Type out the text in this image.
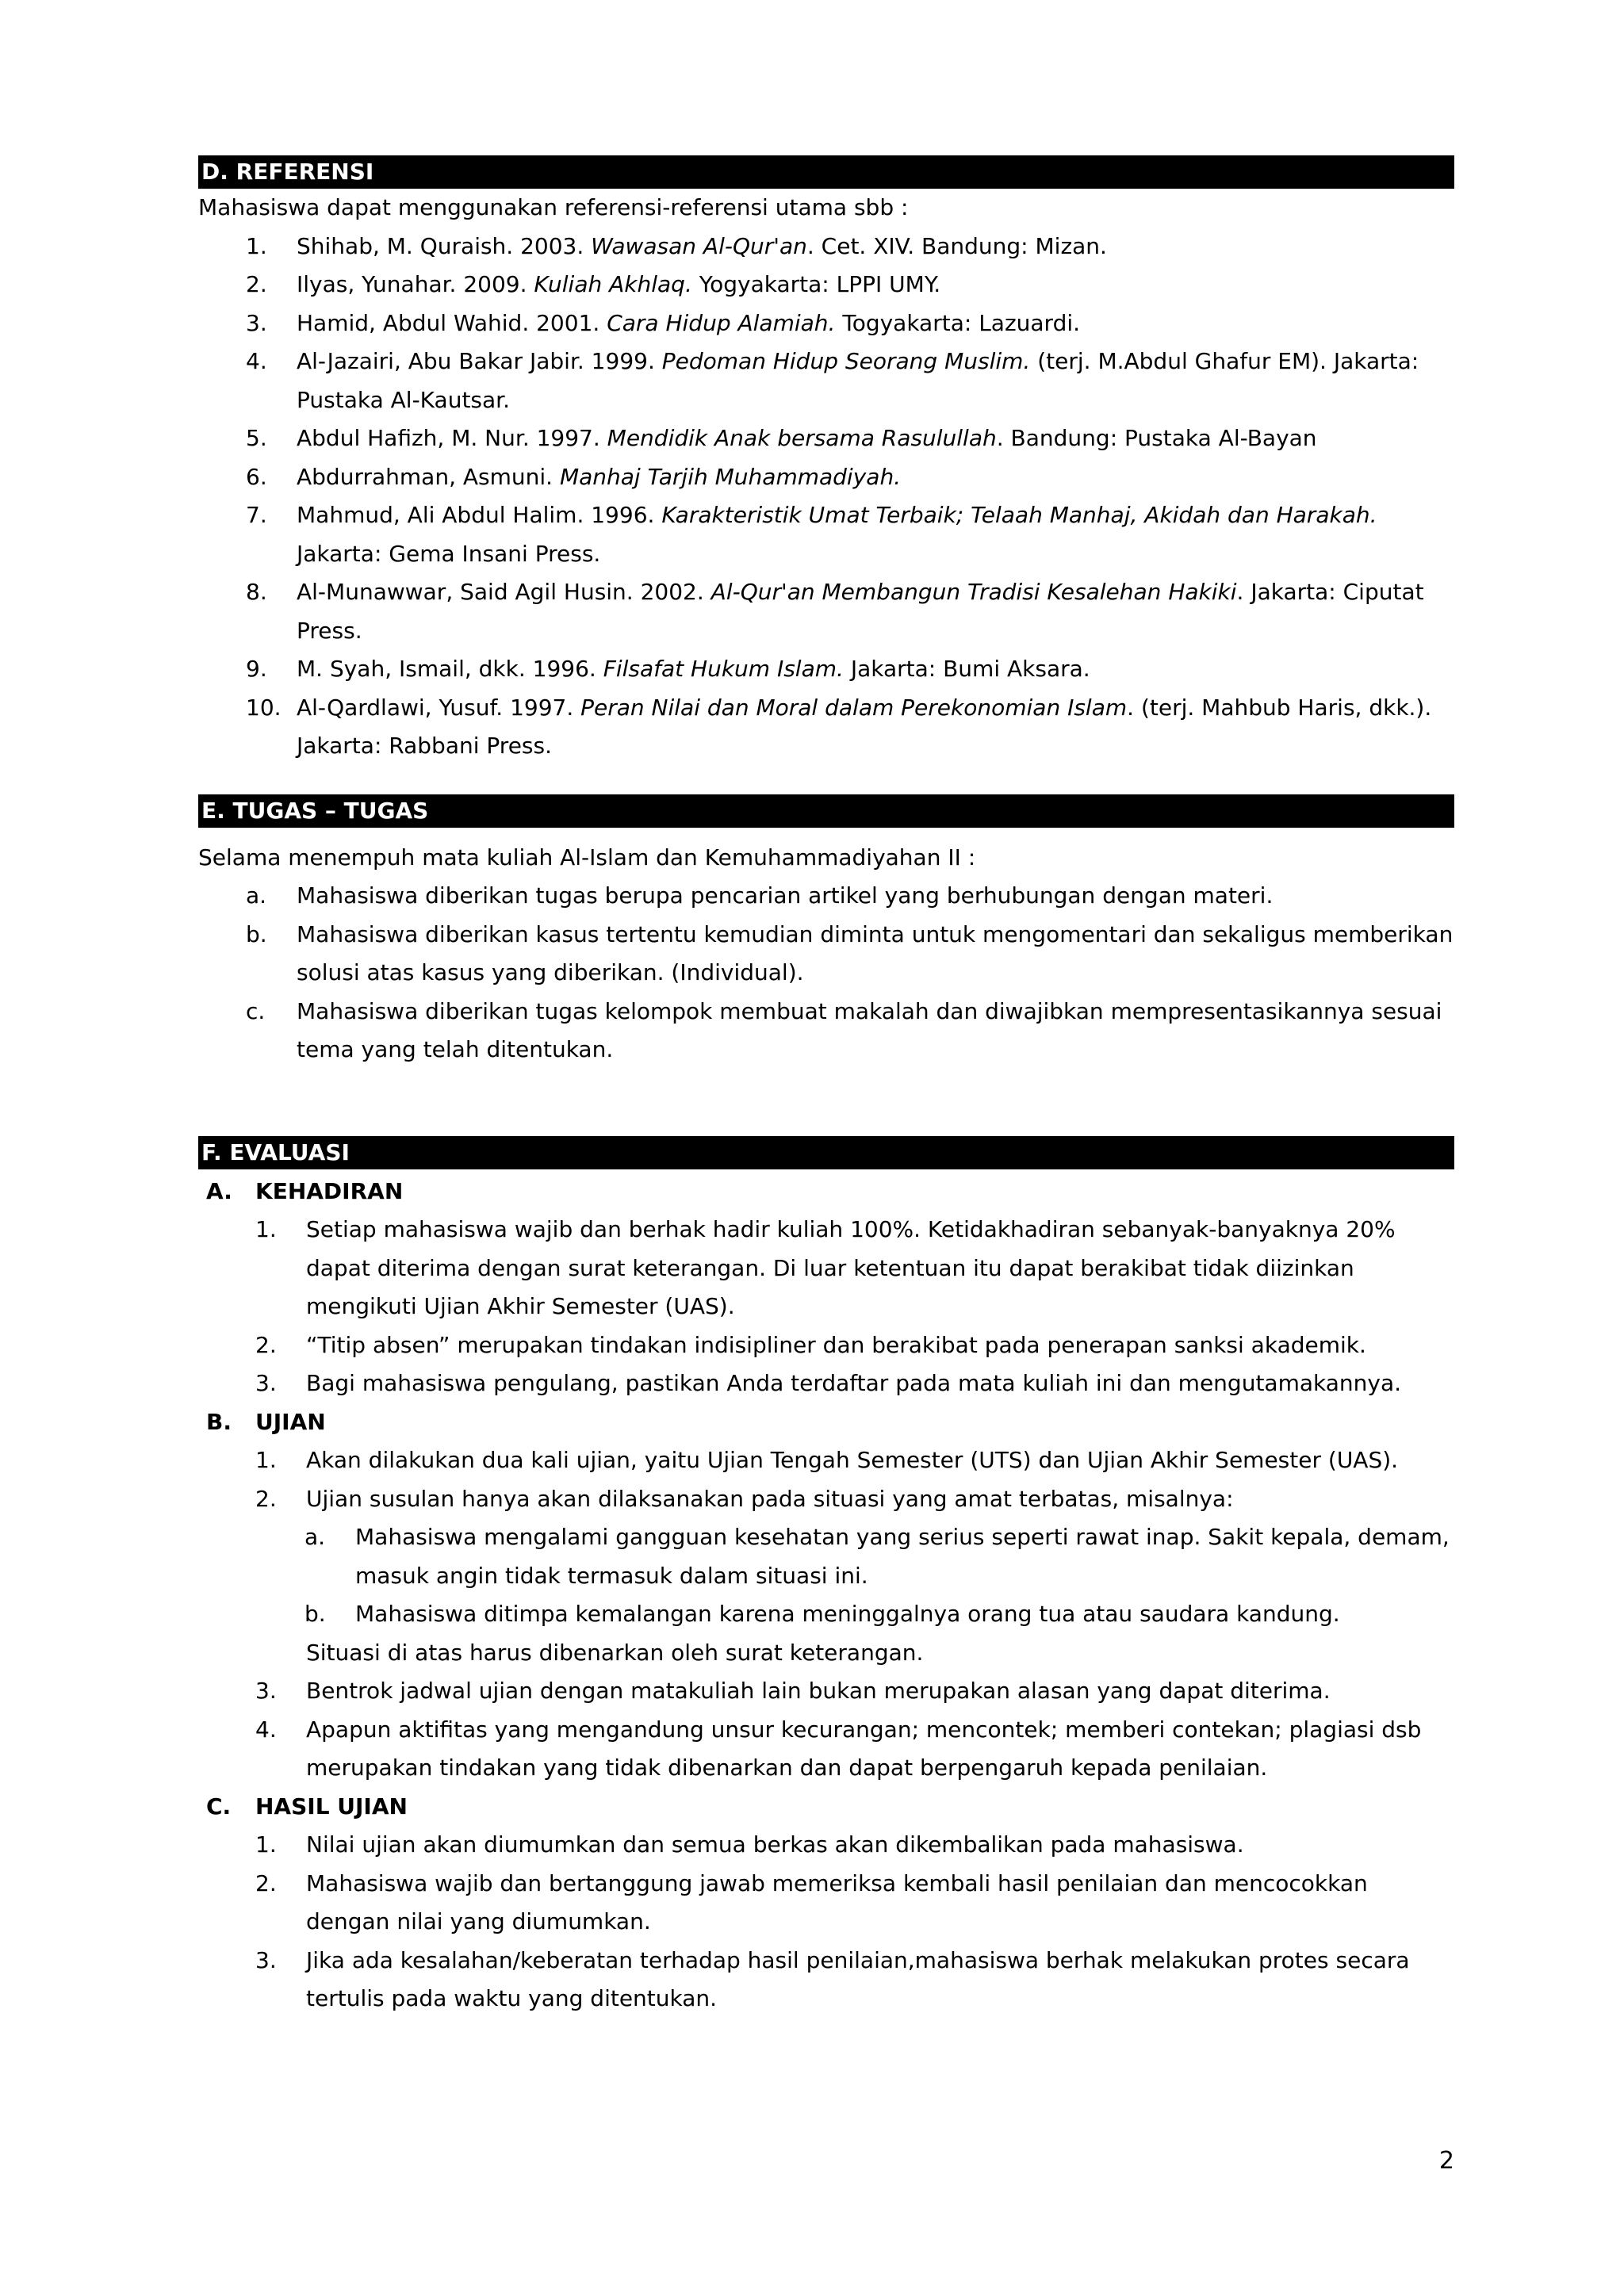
D. REFERENSI
Mahasiswa dapat menggunakan referensi-referensi utama sbb :
1. Shihab, M. Quraish. 2003. Wawasan Al-Qur'an. Cet. XIV. Bandung: Mizan.
2. Ilyas, Yunahar. 2009. Kuliah Akhlaq. Yogyakarta: LPPI UMY.
3. Hamid, Abdul Wahid. 2001. Cara Hidup Alamiah. Togyakarta: Lazuardi.
4. Al-Jazairi, Abu Bakar Jabir. 1999. Pedoman Hidup Seorang Muslim. (terj. M.Abdul Ghafur EM). Jakarta: Pustaka Al-Kautsar.
5. Abdul Hafizh, M. Nur. 1997. Mendidik Anak bersama Rasulullah. Bandung: Pustaka Al-Bayan
6. Abdurrahman, Asmuni. Manhaj Tarjih Muhammadiyah.
7. Mahmud, Ali Abdul Halim. 1996. Karakteristik Umat Terbaik; Telaah Manhaj, Akidah dan Harakah. Jakarta: Gema Insani Press.
8. Al-Munawwar, Said Agil Husin. 2002. Al-Qur'an Membangun Tradisi Kesalehan Hakiki. Jakarta: Ciputat Press.
9. M. Syah, Ismail, dkk. 1996. Filsafat Hukum Islam. Jakarta: Bumi Aksara.
10. Al-Qardlawi, Yusuf. 1997. Peran Nilai dan Moral dalam Perekonomian Islam. (terj. Mahbub Haris, dkk.). Jakarta: Rabbani Press.
E. TUGAS – TUGAS
Selama menempuh mata kuliah Al-Islam dan Kemuhammadiyahan II :
a. Mahasiswa diberikan tugas berupa pencarian artikel yang berhubungan dengan materi.
b. Mahasiswa diberikan kasus tertentu kemudian diminta untuk mengomentari dan sekaligus memberikan solusi atas kasus yang diberikan. (Individual).
c. Mahasiswa diberikan tugas kelompok membuat makalah dan diwajibkan mempresentasikannya sesuai tema yang telah ditentukan.
F. EVALUASI
A. KEHADIRAN
1. Setiap mahasiswa wajib dan berhak hadir kuliah 100%. Ketidakhadiran sebanyak-banyaknya 20% dapat diterima dengan surat keterangan. Di luar ketentuan itu dapat berakibat tidak diizinkan mengikuti Ujian Akhir Semester (UAS).
2. “Titip absen” merupakan tindakan indisipliner dan berakibat pada penerapan sanksi akademik.
3. Bagi mahasiswa pengulang, pastikan Anda terdaftar pada mata kuliah ini dan mengutamakannya.
B. UJIAN
1. Akan dilakukan dua kali ujian, yaitu Ujian Tengah Semester (UTS) dan Ujian Akhir Semester (UAS).
2. Ujian susulan hanya akan dilaksanakan pada situasi yang amat terbatas, misalnya:
a. Mahasiswa mengalami gangguan kesehatan yang serius seperti rawat inap. Sakit kepala, demam, masuk angin tidak termasuk dalam situasi ini.
b. Mahasiswa ditimpa kemalangan karena meninggalnya orang tua atau saudara kandung.
Situasi di atas harus dibenarkan oleh surat keterangan.
3. Bentrok jadwal ujian dengan matakuliah lain bukan merupakan alasan yang dapat diterima.
4. Apapun aktifitas yang mengandung unsur kecurangan; mencontek; memberi contekan; plagiasi dsb merupakan tindakan yang tidak dibenarkan dan dapat berpengaruh kepada penilaian.
C. HASIL UJIAN
1. Nilai ujian akan diumumkan dan semua berkas akan dikembalikan pada mahasiswa.
2. Mahasiswa wajib dan bertanggung jawab memeriksa kembali hasil penilaian dan mencocokkan dengan nilai yang diumumkan.
3. Jika ada kesalahan/keberatan terhadap hasil penilaian,mahasiswa berhak melakukan protes secara tertulis pada waktu yang ditentukan.
2
